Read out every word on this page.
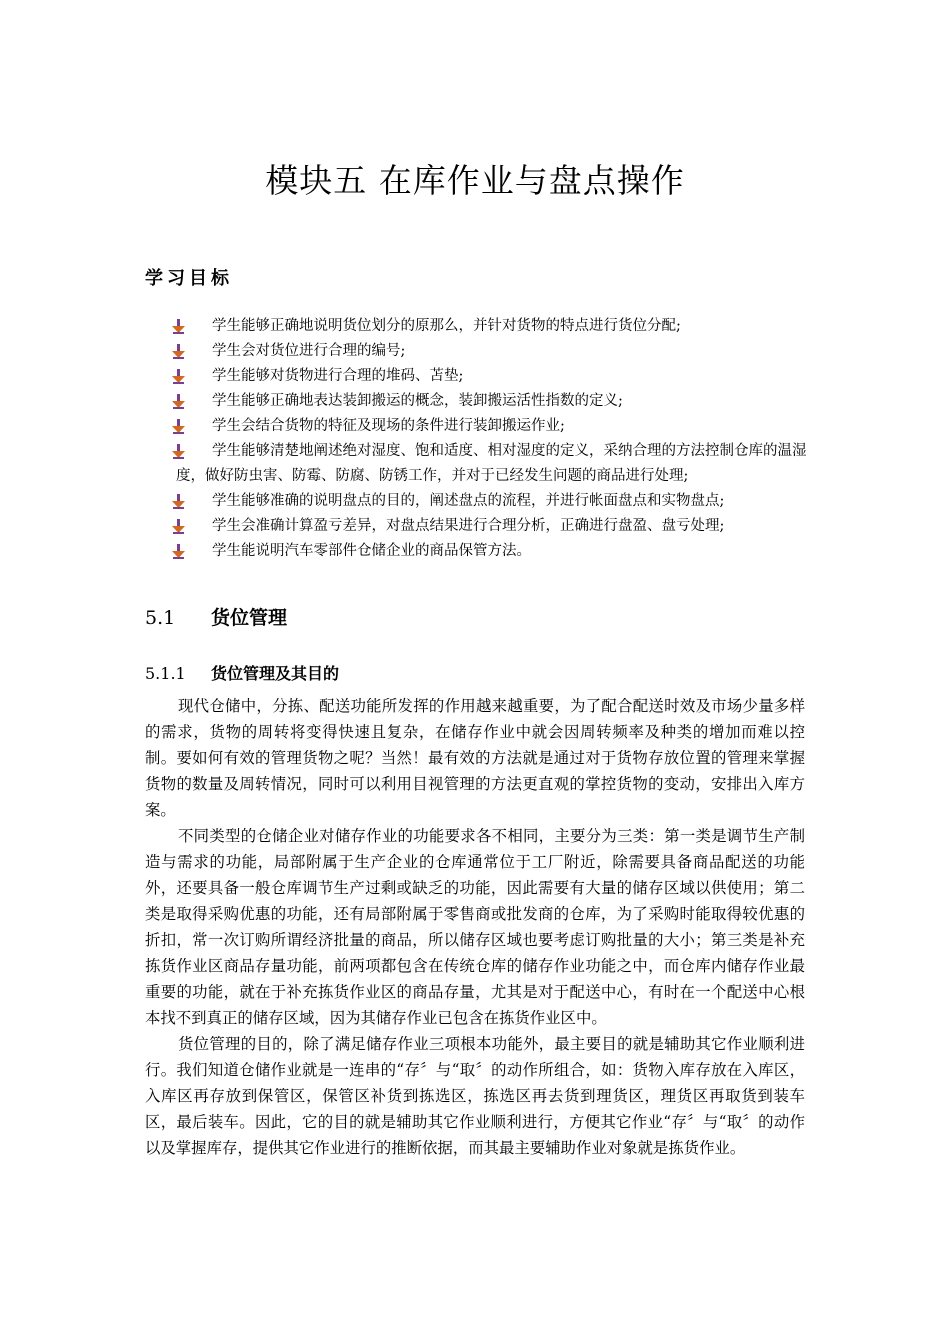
模块五 在库作业与盘点操作
学习目标
学生能够正确地说明货位划分的原那么，并针对货物的特点进行货位分配;
学生会对货位进行合理的编号;
学生能够对货物进行合理的堆码、苫垫;
学生能够正确地表达装卸搬运的概念，装卸搬运活性指数的定义;
学生会结合货物的特征及现场的条件进行装卸搬运作业;
学生能够清楚地阐述绝对湿度、饱和适度、相对湿度的定义，采纳合理的方法控制仓库的温湿度，做好防虫害、防霉、防腐、防锈工作，并对于已经发生问题的商品进行处理;
学生能够准确的说明盘点的目的，阐述盘点的流程，并进行帐面盘点和实物盘点;
学生会准确计算盈亏差异，对盘点结果进行合理分析，正确进行盘盈、盘亏处理;
学生能说明汽车零部件仓储企业的商品保管方法。
5.1 货位管理
5.1.1 货位管理及其目的

现代仓储中，分拣、配送功能所发挥的作用越来越重要，为了配合配送时效及市场少量多样的需求，货物的周转将变得快速且复杂，在储存作业中就会因周转频率及种类的增加而难以控制。要如何有效的管理货物之呢？当然！最有效的方法就是通过对于货物存放位置的管理来掌握货物的数量及周转情况，同时可以利用目视管理的方法更直观的掌控货物的变动，安排出入库方案。

不同类型的仓储企业对储存作业的功能要求各不相同，主要分为三类：第一类是调节生产制造与需求的功能，局部附属于生产企业的仓库通常位于工厂附近，除需要具备商品配送的功能外，还要具备一般仓库调节生产过剩或缺乏的功能，因此需要有大量的储存区域以供使用；第二类是取得采购优惠的功能，还有局部附属于零售商或批发商的仓库，为了采购时能取得较优惠的折扣，常一次订购所谓经济批量的商品，所以储存区域也要考虑订购批量的大小；第三类是补充拣货作业区商品存量功能，前两项都包含在传统仓库的储存作业功能之中，而仓库内储存作业最重要的功能，就在于补充拣货作业区的商品存量，尤其是对于配送中心，有时在一个配送中心根本找不到真正的储存区域，因为其储存作业已包含在拣货作业区中。

货位管理的目的，除了满足储存作业三项根本功能外，最主要目的就是辅助其它作业顺利进行。我们知道仓储作业就是一连串的“存〞与“取〞的动作所组合，如：货物入库存放在入库区，入库区再存放到保管区，保管区补货到拣选区，拣选区再去货到理货区，理货区再取货到装车区，最后装车。因此，它的目的就是辅助其它作业顺利进行，方便其它作业“存〞与“取〞的动作以及掌握库存，提供其它作业进行的推断依据，而其最主要辅助作业对象就是拣货作业。
